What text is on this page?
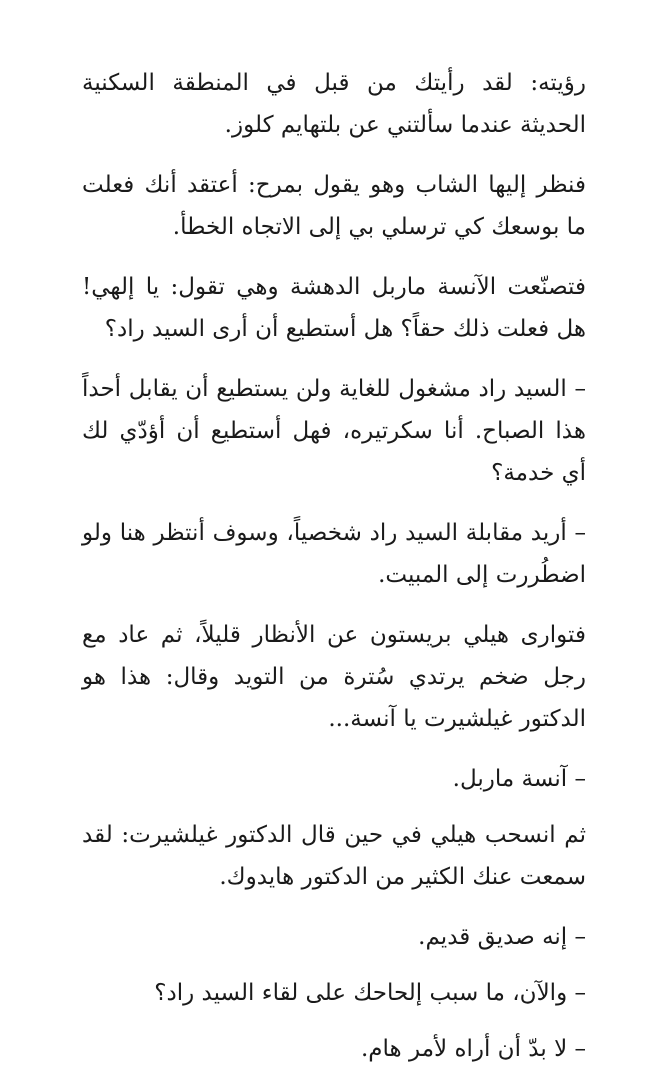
رؤيته: لقد رأيتك من قبل في المنطقة السكنية الحديثة عندما سألتني عن بلتهايم كلوز.

فنظر إليها الشاب وهو يقول بمرح: أعتقد أنك فعلت ما بوسعك كي ترسلي بي إلى الاتجاه الخطأ.

فتصنّعت الآنسة ماربل الدهشة وهي تقول: يا إلهي! هل فعلت ذلك حقاً؟ هل أستطيع أن أرى السيد راد؟

– السيد راد مشغول للغاية ولن يستطيع أن يقابل أحداً هذا الصباح. أنا سكرتيره، فهل أستطيع أن أؤدّي لك أي خدمة؟

– أريد مقابلة السيد راد شخصياً، وسوف أنتظر هنا ولو اضطُررت إلى المبيت.

فتوارى هيلي بريستون عن الأنظار قليلاً، ثم عاد مع رجل ضخم يرتدي سُترة من التويد وقال: هذا هو الدكتور غيلشيرت يا آنسة...

– آنسة ماربل.

ثم انسحب هيلي في حين قال الدكتور غيلشيرت: لقد سمعت عنك الكثير من الدكتور هايدوك.

– إنه صديق قديم.

– والآن، ما سبب إلحاحك على لقاء السيد راد؟

– لا بدّ أن أراه لأمر هام.
